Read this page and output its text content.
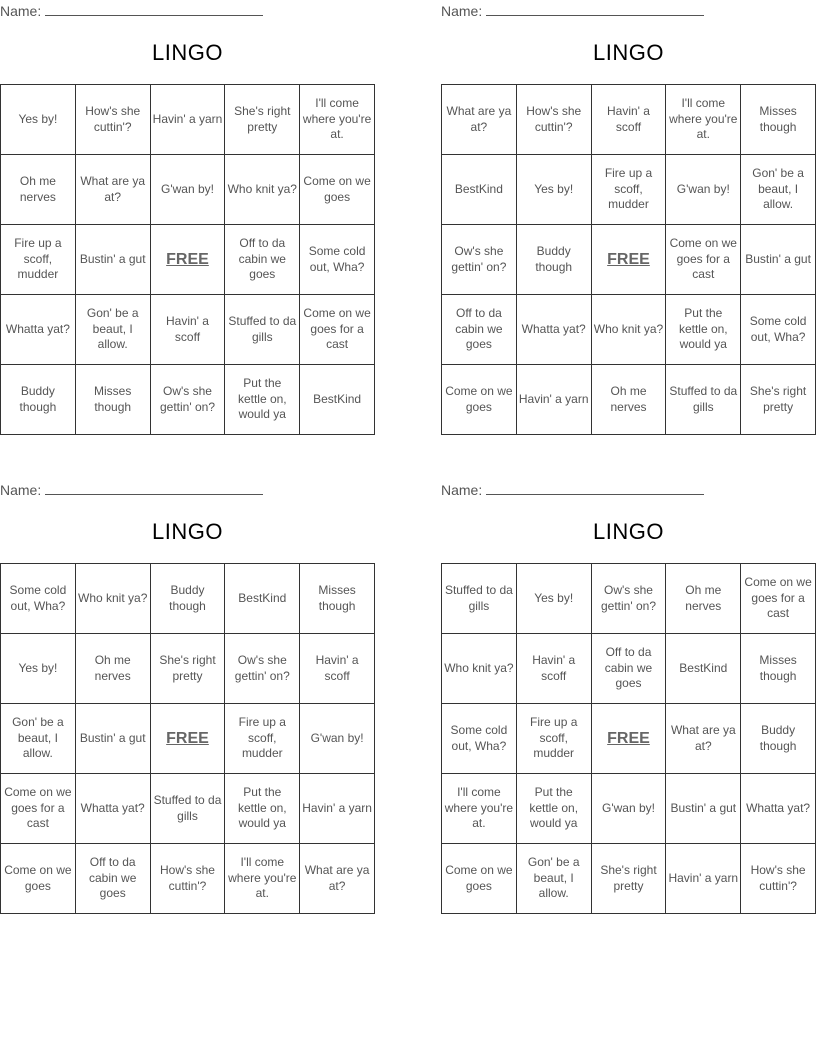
Name:
LINGO
Yes by!	How's she cuttin'?	Havin' a yarn	She's right pretty	I'll come where you're at.
Oh me nerves	What are ya at?	G'wan by!	Who knit ya?	Come on we goes
Fire up a scoff, mudder	Bustin' a gut	FREE	Off to da cabin we goes	Some cold out, Wha?
Whatta yat?	Gon' be a beaut, I allow.	Havin' a scoff	Stuffed to da gills	Come on we goes for a cast
Buddy though	Misses though	Ow's she gettin' on?	Put the kettle on, would ya	BestKind
Name:
LINGO
What are ya at?	How's she cuttin'?	Havin' a scoff	I'll come where you're at.	Misses though
BestKind	Yes by!	Fire up a scoff, mudder	G'wan by!	Gon' be a beaut, I allow.
Ow's she gettin' on?	Buddy though	FREE	Come on we goes for a cast	Bustin' a gut
Off to da cabin we goes	Whatta yat?	Who knit ya?	Put the kettle on, would ya	Some cold out, Wha?
Come on we goes	Havin' a yarn	Oh me nerves	Stuffed to da gills	She's right pretty
Name:
LINGO
Some cold out, Wha?	Who knit ya?	Buddy though	BestKind	Misses though
Yes by!	Oh me nerves	She's right pretty	Ow's she gettin' on?	Havin' a scoff
Gon' be a beaut, I allow.	Bustin' a gut	FREE	Fire up a scoff, mudder	G'wan by!
Come on we goes for a cast	Whatta yat?	Stuffed to da gills	Put the kettle on, would ya	Havin' a yarn
Come on we goes	Off to da cabin we goes	How's she cuttin'?	I'll come where you're at.	What are ya at?
Name:
LINGO
Stuffed to da gills	Yes by!	Ow's she gettin' on?	Oh me nerves	Come on we goes for a cast
Who knit ya?	Havin' a scoff	Off to da cabin we goes	BestKind	Misses though
Some cold out, Wha?	Fire up a scoff, mudder	FREE	What are ya at?	Buddy though
I'll come where you're at.	Put the kettle on, would ya	G'wan by!	Bustin' a gut	Whatta yat?
Come on we goes	Gon' be a beaut, I allow.	She's right pretty	Havin' a yarn	How's she cuttin'?
